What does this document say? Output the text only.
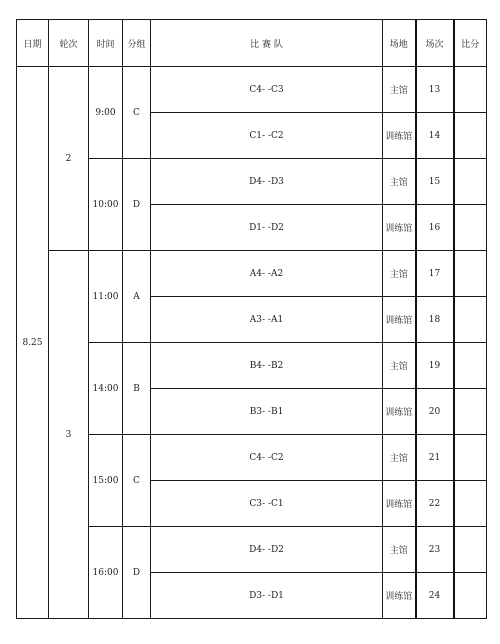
日期	轮次	时间	分组	比 赛 队	场地	场次	比分
8.25	2	9:00	C	C4- -C3	主馆	13	
				C1- -C2	训练馆	14	
		10:00	D	D4- -D3	主馆	15	
				D1- -D2	训练馆	16	
	3	11:00	A	A4- -A2	主馆	17	
				A3- -A1	训练馆	18	
		14:00	B	B4- -B2	主馆	19	
				B3- -B1	训练馆	20	
		15:00	C	C4- -C2	主馆	21	
				C3- -C1	训练馆	22	
		16:00	D	D4- -D2	主馆	23	
				D3- -D1	训练馆	24	
